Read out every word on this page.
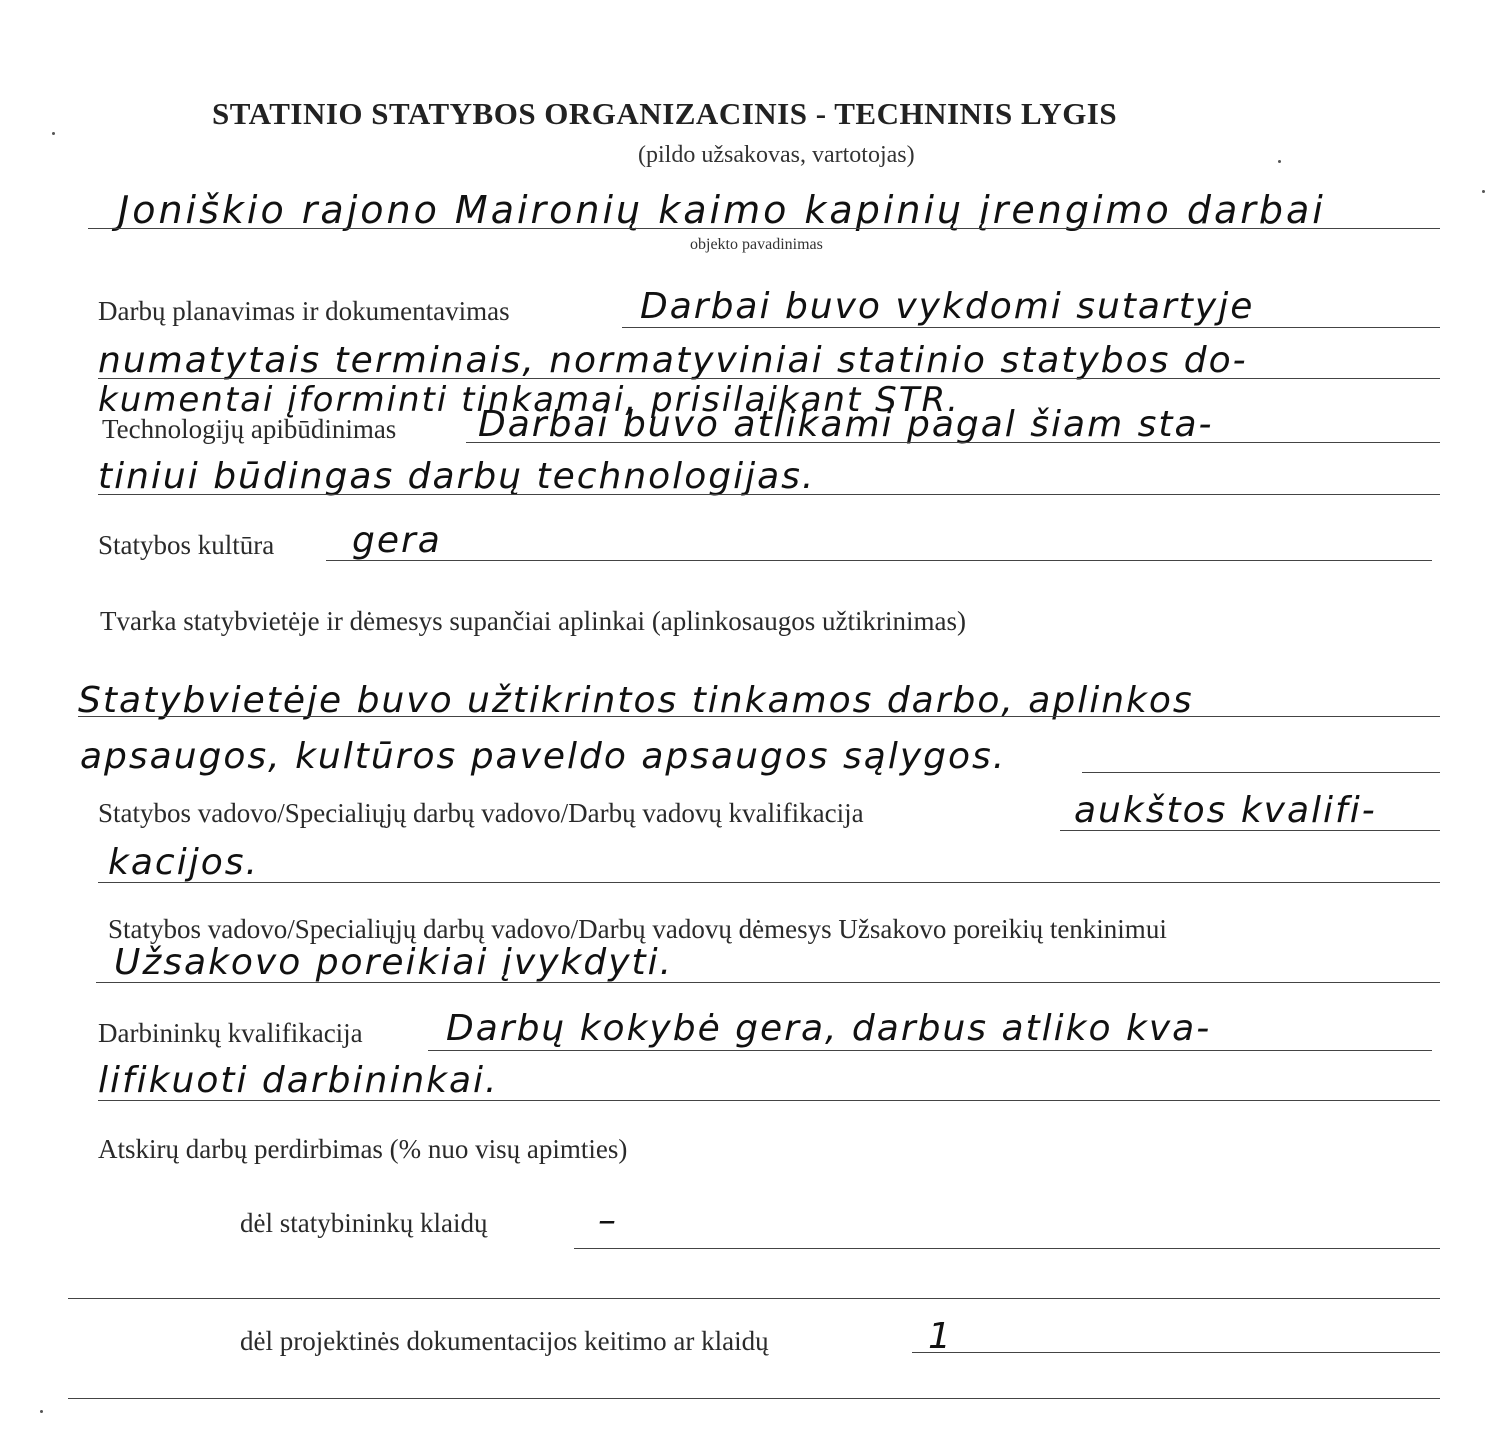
STATINIO STATYBOS ORGANIZACINIS - TECHNINIS LYGIS
(pildo užsakovas, vartotojas)
Joniškio rajono Maironių kaimo kapinių įrengimo darbai
objekto pavadinimas
Darbų planavimas ir dokumentavimas	Darbai buvo vykdomi sutartyje
numatytais terminais, normatyviniai statinio statybos do-
kumentai įforminti tinkamai, prisilaikant STR.
Technologijų apibūdinimas Darbai buvo atlikami pagal šiam sta-
tiniui būdingas darbų technologijas.
Statybos kultūra gera
Tvarka statybvietėje ir dėmesys supančiai aplinkai (aplinkosaugos užtikrinimas)
Statybvietėje buvo užtikrintos tinkamos darbo, aplinkos
apsaugos, kultūros paveldo apsaugos sąlygos.
Statybos vadovo/Specialiųjų darbų vadovo/Darbų vadovų kvalifikacija	aukštos kvalifi-
kacijos.
Statybos vadovo/Specialiųjų darbų vadovo/Darbų vadovų dėmesys Užsakovo poreikių tenkinimui
Užsakovo poreikiai įvykdyti.
Darbininkų kvalifikacija Darbų kokybė gera, darbus atliko kva-
lifikuoti darbininkai.
Atskirų darbų perdirbimas (% nuo visų apimties)
dėl statybininkų klaidų	–
dėl projektinės dokumentacijos keitimo ar klaidų	1
